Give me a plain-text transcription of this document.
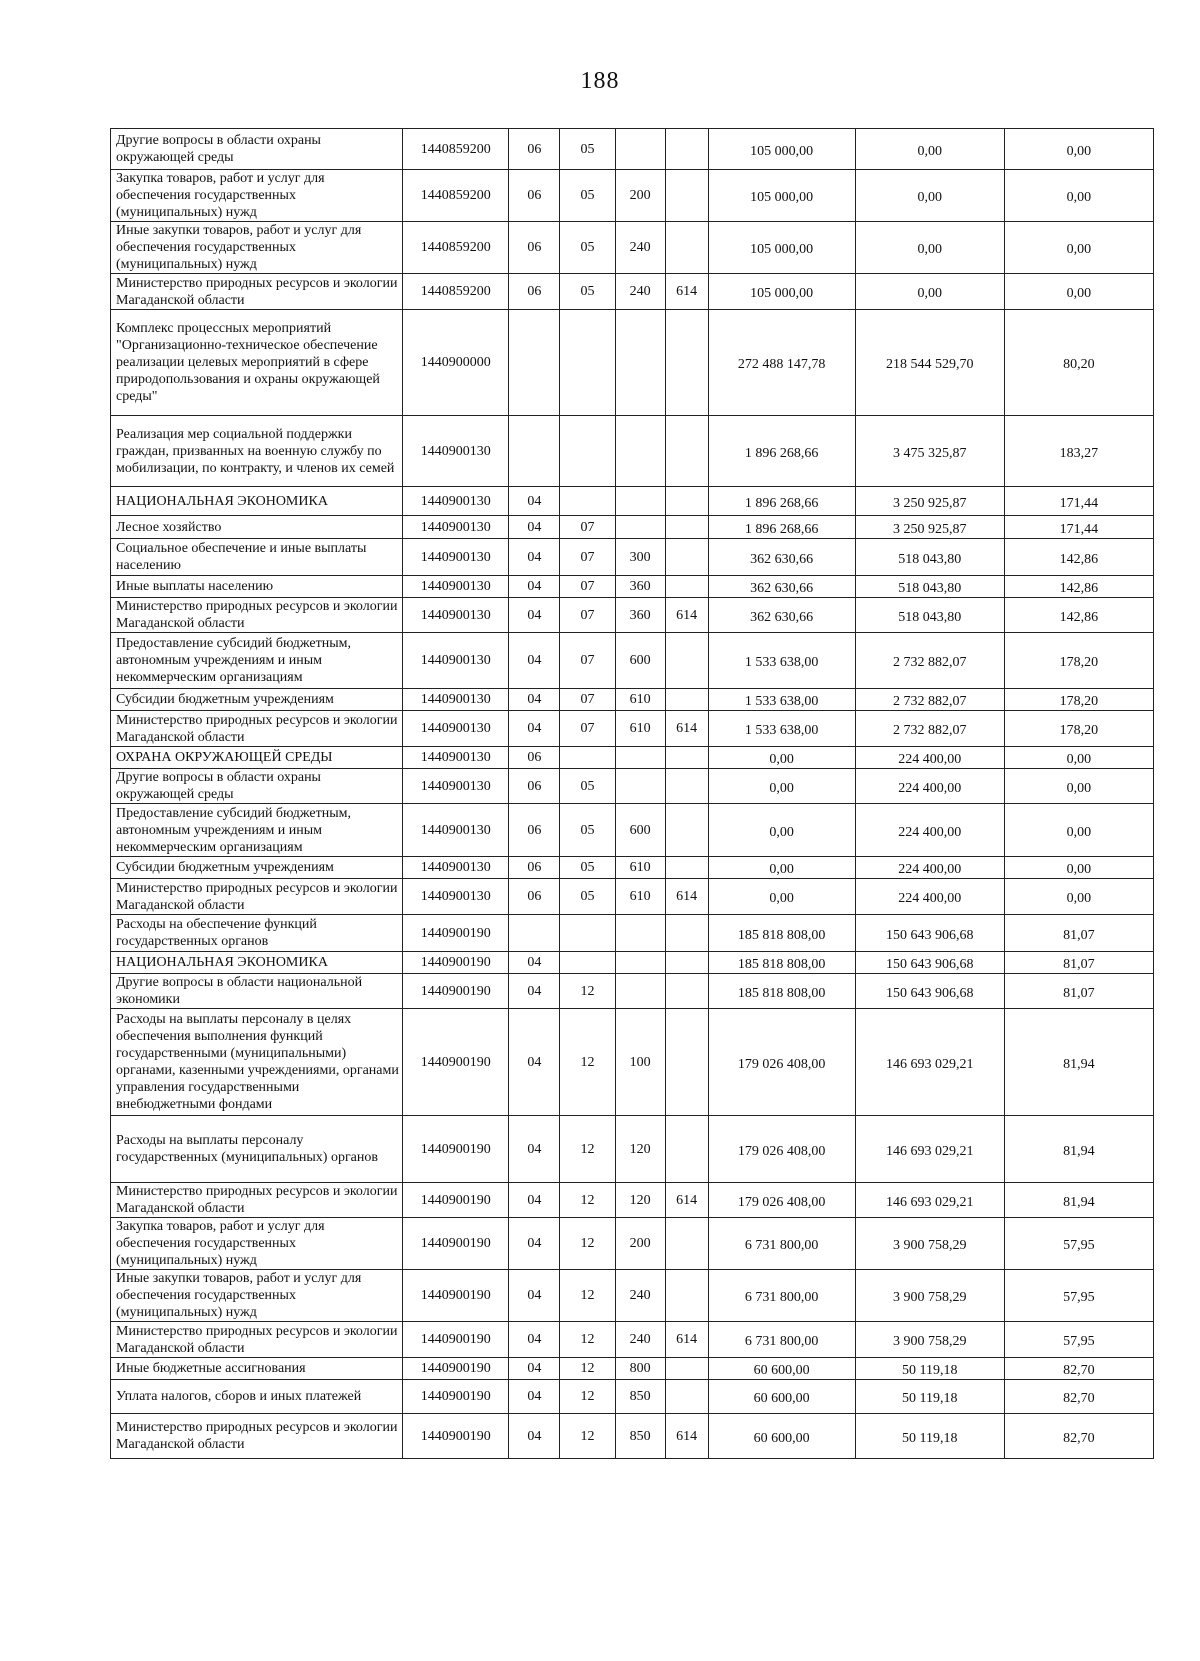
188
Другие вопросы в области охраны окружающей среды	1440859200	06	05			105 000,00	0,00	0,00
Закупка товаров, работ и услуг для обеспечения государственных (муниципальных) нужд	1440859200	06	05	200		105 000,00	0,00	0,00
Иные закупки товаров, работ и услуг для обеспечения государственных (муниципальных) нужд	1440859200	06	05	240		105 000,00	0,00	0,00
Министерство природных ресурсов и экологии Магаданской области	1440859200	06	05	240	614	105 000,00	0,00	0,00
Комплекс процессных мероприятий "Организационно-техническое обеспечение реализации целевых мероприятий в сфере природопользования и охраны окружающей среды"	1440900000					272 488 147,78	218 544 529,70	80,20
Реализация мер социальной поддержки граждан, призванных на военную службу по мобилизации, по контракту, и членов их семей	1440900130					1 896 268,66	3 475 325,87	183,27
НАЦИОНАЛЬНАЯ ЭКОНОМИКА	1440900130	04				1 896 268,66	3 250 925,87	171,44
Лесное хозяйство	1440900130	04	07			1 896 268,66	3 250 925,87	171,44
Социальное обеспечение и иные выплаты населению	1440900130	04	07	300		362 630,66	518 043,80	142,86
Иные выплаты населению	1440900130	04	07	360		362 630,66	518 043,80	142,86
Министерство природных ресурсов и экологии Магаданской области	1440900130	04	07	360	614	362 630,66	518 043,80	142,86
Предоставление субсидий бюджетным, автономным учреждениям и иным некоммерческим организациям	1440900130	04	07	600		1 533 638,00	2 732 882,07	178,20
Субсидии бюджетным учреждениям	1440900130	04	07	610		1 533 638,00	2 732 882,07	178,20
Министерство природных ресурсов и экологии Магаданской области	1440900130	04	07	610	614	1 533 638,00	2 732 882,07	178,20
ОХРАНА ОКРУЖАЮЩЕЙ СРЕДЫ	1440900130	06				0,00	224 400,00	0,00
Другие вопросы в области охраны окружающей среды	1440900130	06	05			0,00	224 400,00	0,00
Предоставление субсидий бюджетным, автономным учреждениям и иным некоммерческим организациям	1440900130	06	05	600		0,00	224 400,00	0,00
Субсидии бюджетным учреждениям	1440900130	06	05	610		0,00	224 400,00	0,00
Министерство природных ресурсов и экологии Магаданской области	1440900130	06	05	610	614	0,00	224 400,00	0,00
Расходы на обеспечение функций государственных органов	1440900190					185 818 808,00	150 643 906,68	81,07
НАЦИОНАЛЬНАЯ ЭКОНОМИКА	1440900190	04				185 818 808,00	150 643 906,68	81,07
Другие вопросы в области национальной экономики	1440900190	04	12			185 818 808,00	150 643 906,68	81,07
Расходы на выплаты персоналу в целях обеспечения выполнения функций государственными (муниципальными) органами, казенными учреждениями, органами управления государственными внебюджетными фондами	1440900190	04	12	100		179 026 408,00	146 693 029,21	81,94
Расходы на выплаты персоналу государственных (муниципальных) органов	1440900190	04	12	120		179 026 408,00	146 693 029,21	81,94
Министерство природных ресурсов и экологии Магаданской области	1440900190	04	12	120	614	179 026 408,00	146 693 029,21	81,94
Закупка товаров, работ и услуг для обеспечения государственных (муниципальных) нужд	1440900190	04	12	200		6 731 800,00	3 900 758,29	57,95
Иные закупки товаров, работ и услуг для обеспечения государственных (муниципальных) нужд	1440900190	04	12	240		6 731 800,00	3 900 758,29	57,95
Министерство природных ресурсов и экологии Магаданской области	1440900190	04	12	240	614	6 731 800,00	3 900 758,29	57,95
Иные бюджетные ассигнования	1440900190	04	12	800		60 600,00	50 119,18	82,70
Уплата налогов, сборов и иных платежей	1440900190	04	12	850		60 600,00	50 119,18	82,70
Министерство природных ресурсов и экологии Магаданской области	1440900190	04	12	850	614	60 600,00	50 119,18	82,70
